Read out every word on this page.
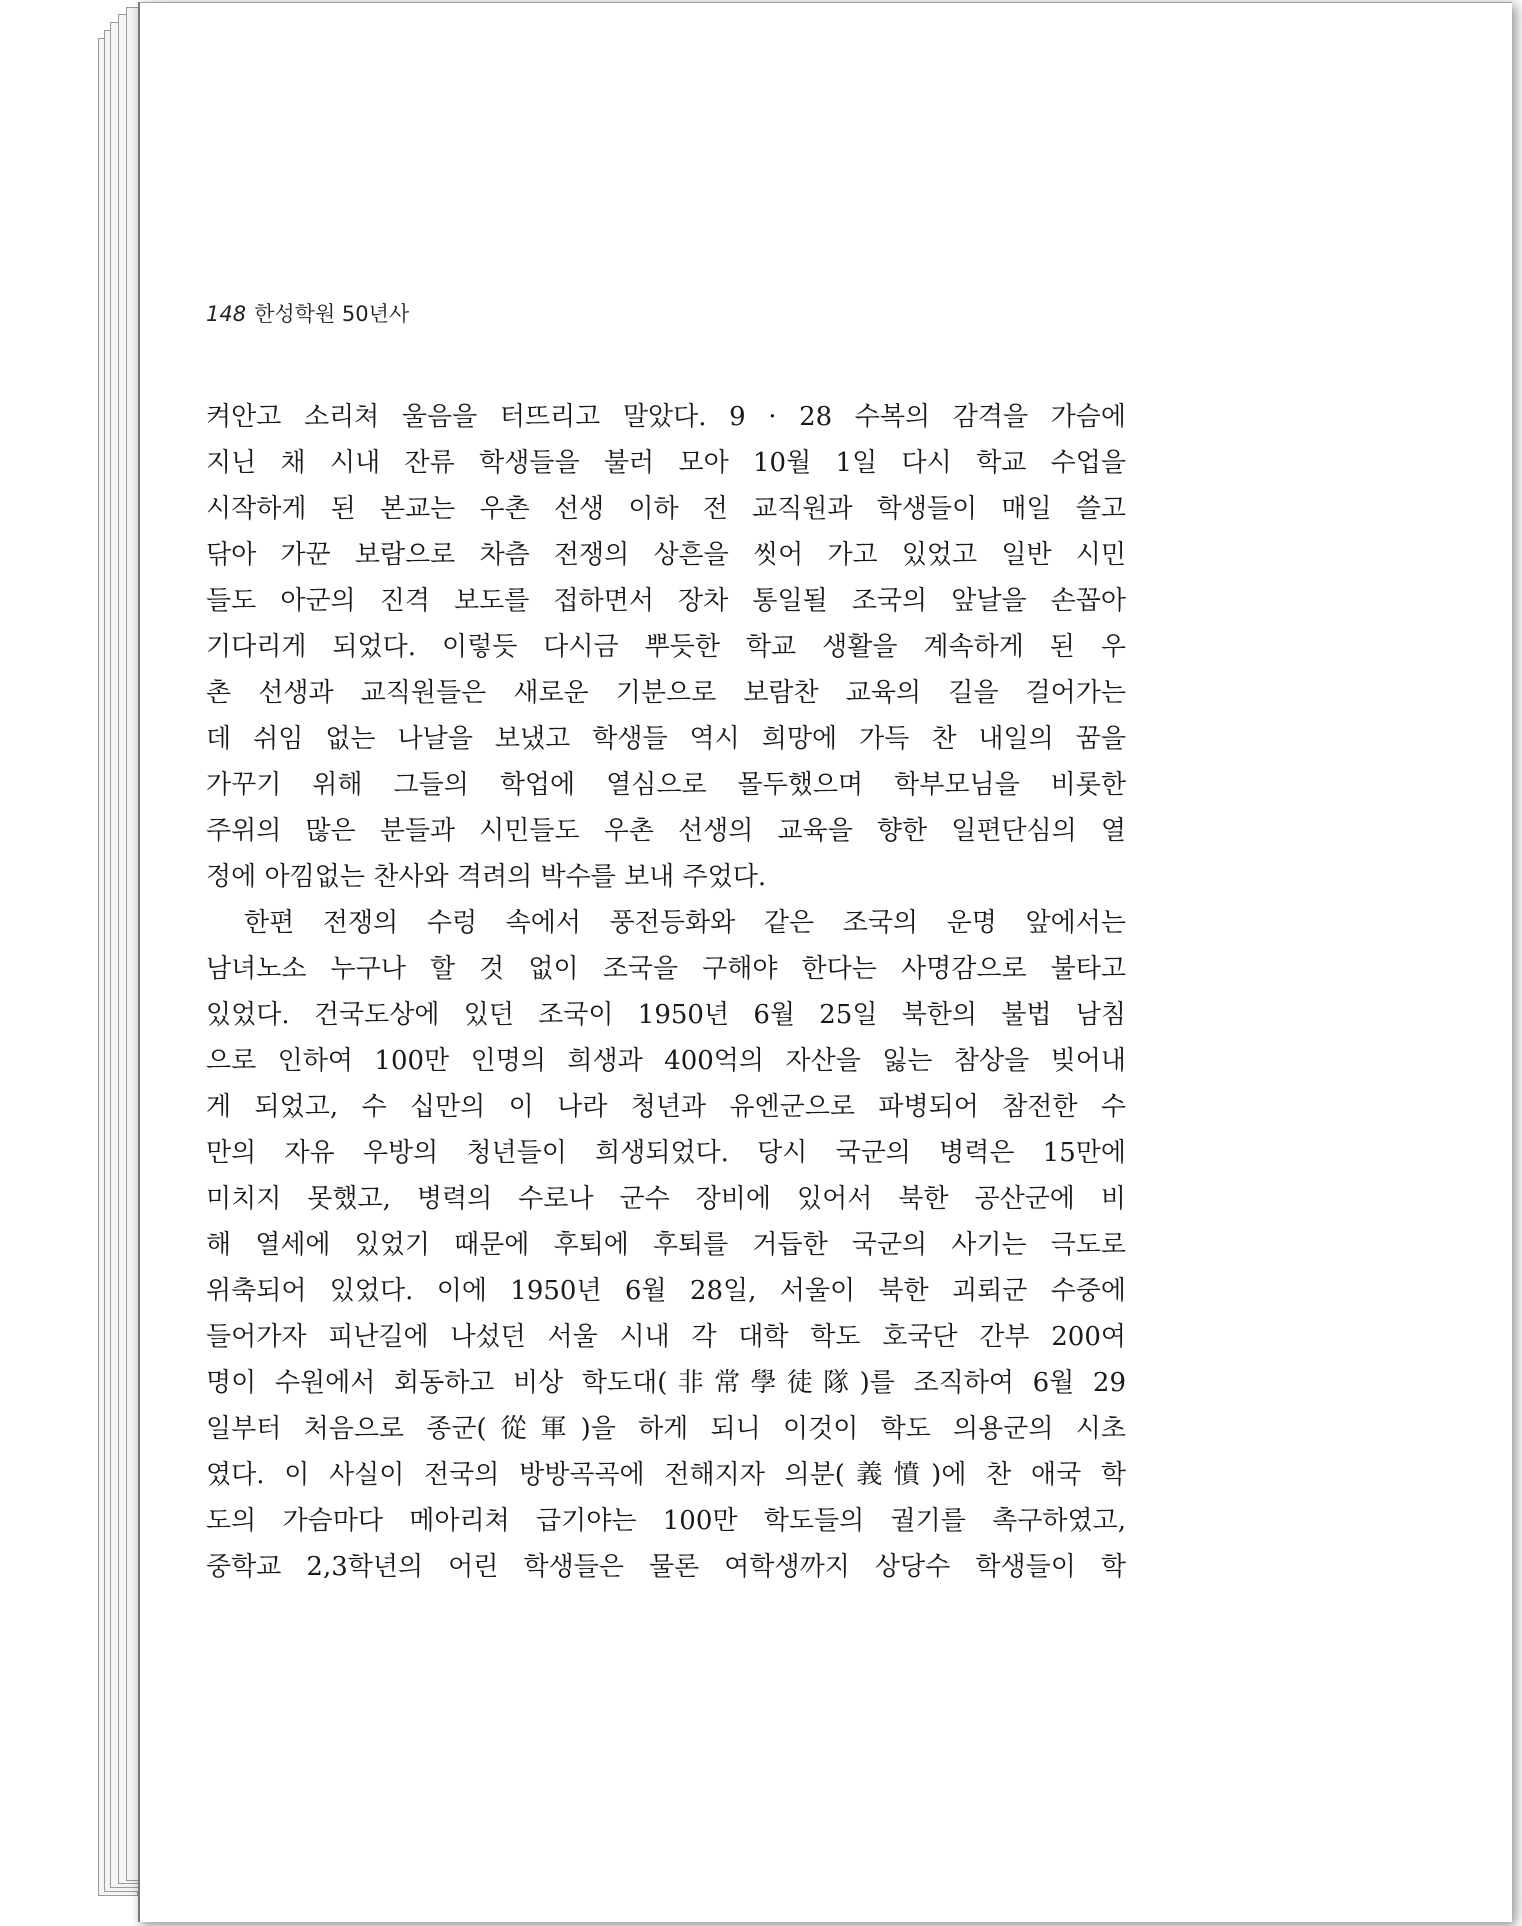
148 한성학원 50년사
켜안고 소리쳐 울음을 터뜨리고 말았다. 9 · 28 수복의 감격을 가슴에
지닌 채 시내 잔류 학생들을 불러 모아 10월 1일 다시 학교 수업을
시작하게 된 본교는 우촌 선생 이하 전 교직원과 학생들이 매일 쓸고
닦아 가꾼 보람으로 차츰 전쟁의 상흔을 씻어 가고 있었고 일반 시민
들도 아군의 진격 보도를 접하면서 장차 통일될 조국의 앞날을 손꼽아
기다리게 되었다. 이렇듯 다시금 뿌듯한 학교 생활을 계속하게 된 우
촌 선생과 교직원들은 새로운 기분으로 보람찬 교육의 길을 걸어가는
데 쉬임 없는 나날을 보냈고 학생들 역시 희망에 가득 찬 내일의 꿈을
가꾸기 위해 그들의 학업에 열심으로 몰두했으며 학부모님을 비롯한
주위의 많은 분들과 시민들도 우촌 선생의 교육을 향한 일편단심의 열
정에 아낌없는 찬사와 격려의 박수를 보내 주었다.
한편 전쟁의 수렁 속에서 풍전등화와 같은 조국의 운명 앞에서는
남녀노소 누구나 할 것 없이 조국을 구해야 한다는 사명감으로 불타고
있었다. 건국도상에 있던 조국이 1950년 6월 25일 북한의 불법 남침
으로 인하여 100만 인명의 희생과 400억의 자산을 잃는 참상을 빚어내
게 되었고, 수 십만의 이 나라 청년과 유엔군으로 파병되어 참전한 수
만의 자유 우방의 청년들이 희생되었다. 당시 국군의 병력은 15만에
미치지 못했고, 병력의 수로나 군수 장비에 있어서 북한 공산군에 비
해 열세에 있었기 때문에 후퇴에 후퇴를 거듭한 국군의 사기는 극도로
위축되어 있었다. 이에 1950년 6월 28일, 서울이 북한 괴뢰군 수중에
들어가자 피난길에 나섰던 서울 시내 각 대학 학도 호국단 간부 200여
명이 수원에서 회동하고 비상 학도대(非常學徒隊)를 조직하여 6월 29
일부터 처음으로 종군(從軍)을 하게 되니 이것이 학도 의용군의 시초
였다. 이 사실이 전국의 방방곡곡에 전해지자 의분(義憤)에 찬 애국 학
도의 가슴마다 메아리쳐 급기야는 100만 학도들의 궐기를 촉구하였고,
중학교 2,3학년의 어린 학생들은 물론 여학생까지 상당수 학생들이 학
